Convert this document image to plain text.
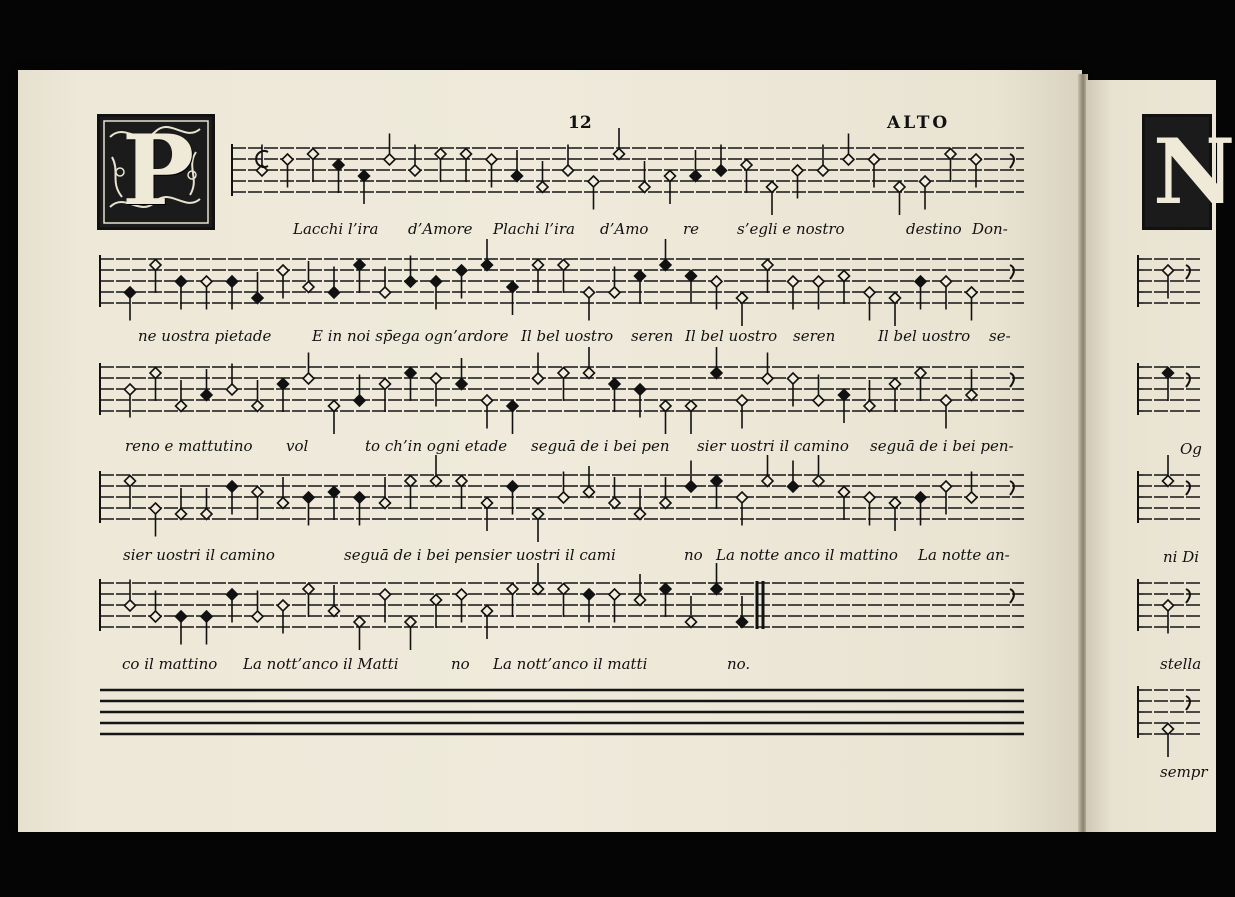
12	ALTO
P	N
Lacchi l’ira d’Amore Plachi l’ira d’Amo re	s’egli e nostro	destino Don-
ne uostra pietade	E in noi sp̄ega ogn’ardore Il bel uostro seren Il bel uostro seren	Il bel uostro se-
reno e mattutino vol	to ch’in ogni etade seguā de i bei pen sier uostri il camino seguā de i bei pen-
sier uostri il camino	seguā de i bei pensier uostri il cami	no La notte anco il mattino La notte an-
co il mattino La nott’anco il Matti	no La nott’anco il matti	no.
Og
ni Di
stella
sempr
